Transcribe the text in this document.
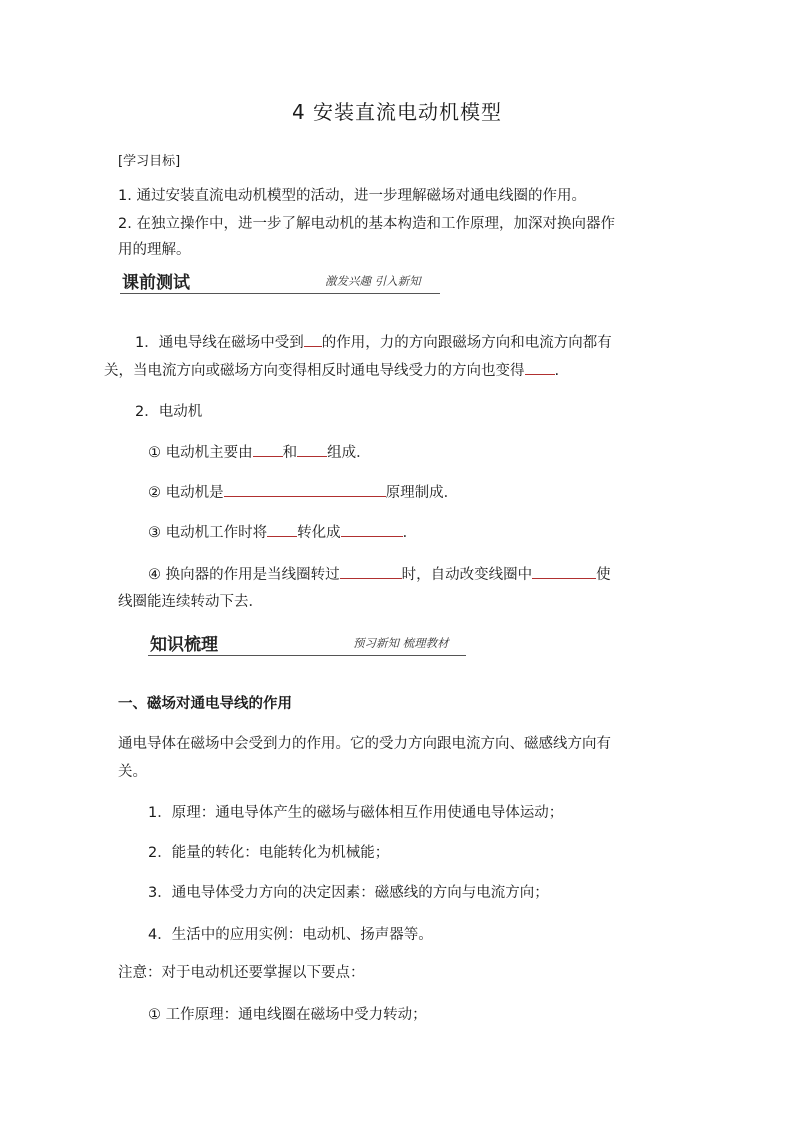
4 安装直流电动机模型
[学习目标]
1. 通过安装直流电动机模型的活动，进一步理解磁场对通电线圈的作用。
2. 在独立操作中，进一步了解电动机的基本构造和工作原理，加深对换向器作
用的理解。
课前测试	激发兴趣 引入新知
1．通电导线在磁场中受到 的作用，力的方向跟磁场方向和电流方向都有
关，当电流方向或磁场方向变得相反时通电导线受力的方向也变得 .
2．电动机
① 电动机主要由 和 组成．
② 电动机是	原理制成．
③ 电动机工作时将 转化成	．
④ 换向器的作用是当线圈转过	时，自动改变线圈中	使
线圈能连续转动下去．
知识梳理	预习新知 梳理教材
一、磁场对通电导线的作用
通电导体在磁场中会受到力的作用。它的受力方向跟电流方向、磁感线方向有
关。
1．原理：通电导体产生的磁场与磁体相互作用使通电导体运动；
2．能量的转化：电能转化为机械能；
3．通电导体受力方向的决定因素：磁感线的方向与电流方向；
4．生活中的应用实例：电动机、扬声器等。
注意：对于电动机还要掌握以下要点：
① 工作原理：通电线圈在磁场中受力转动；
